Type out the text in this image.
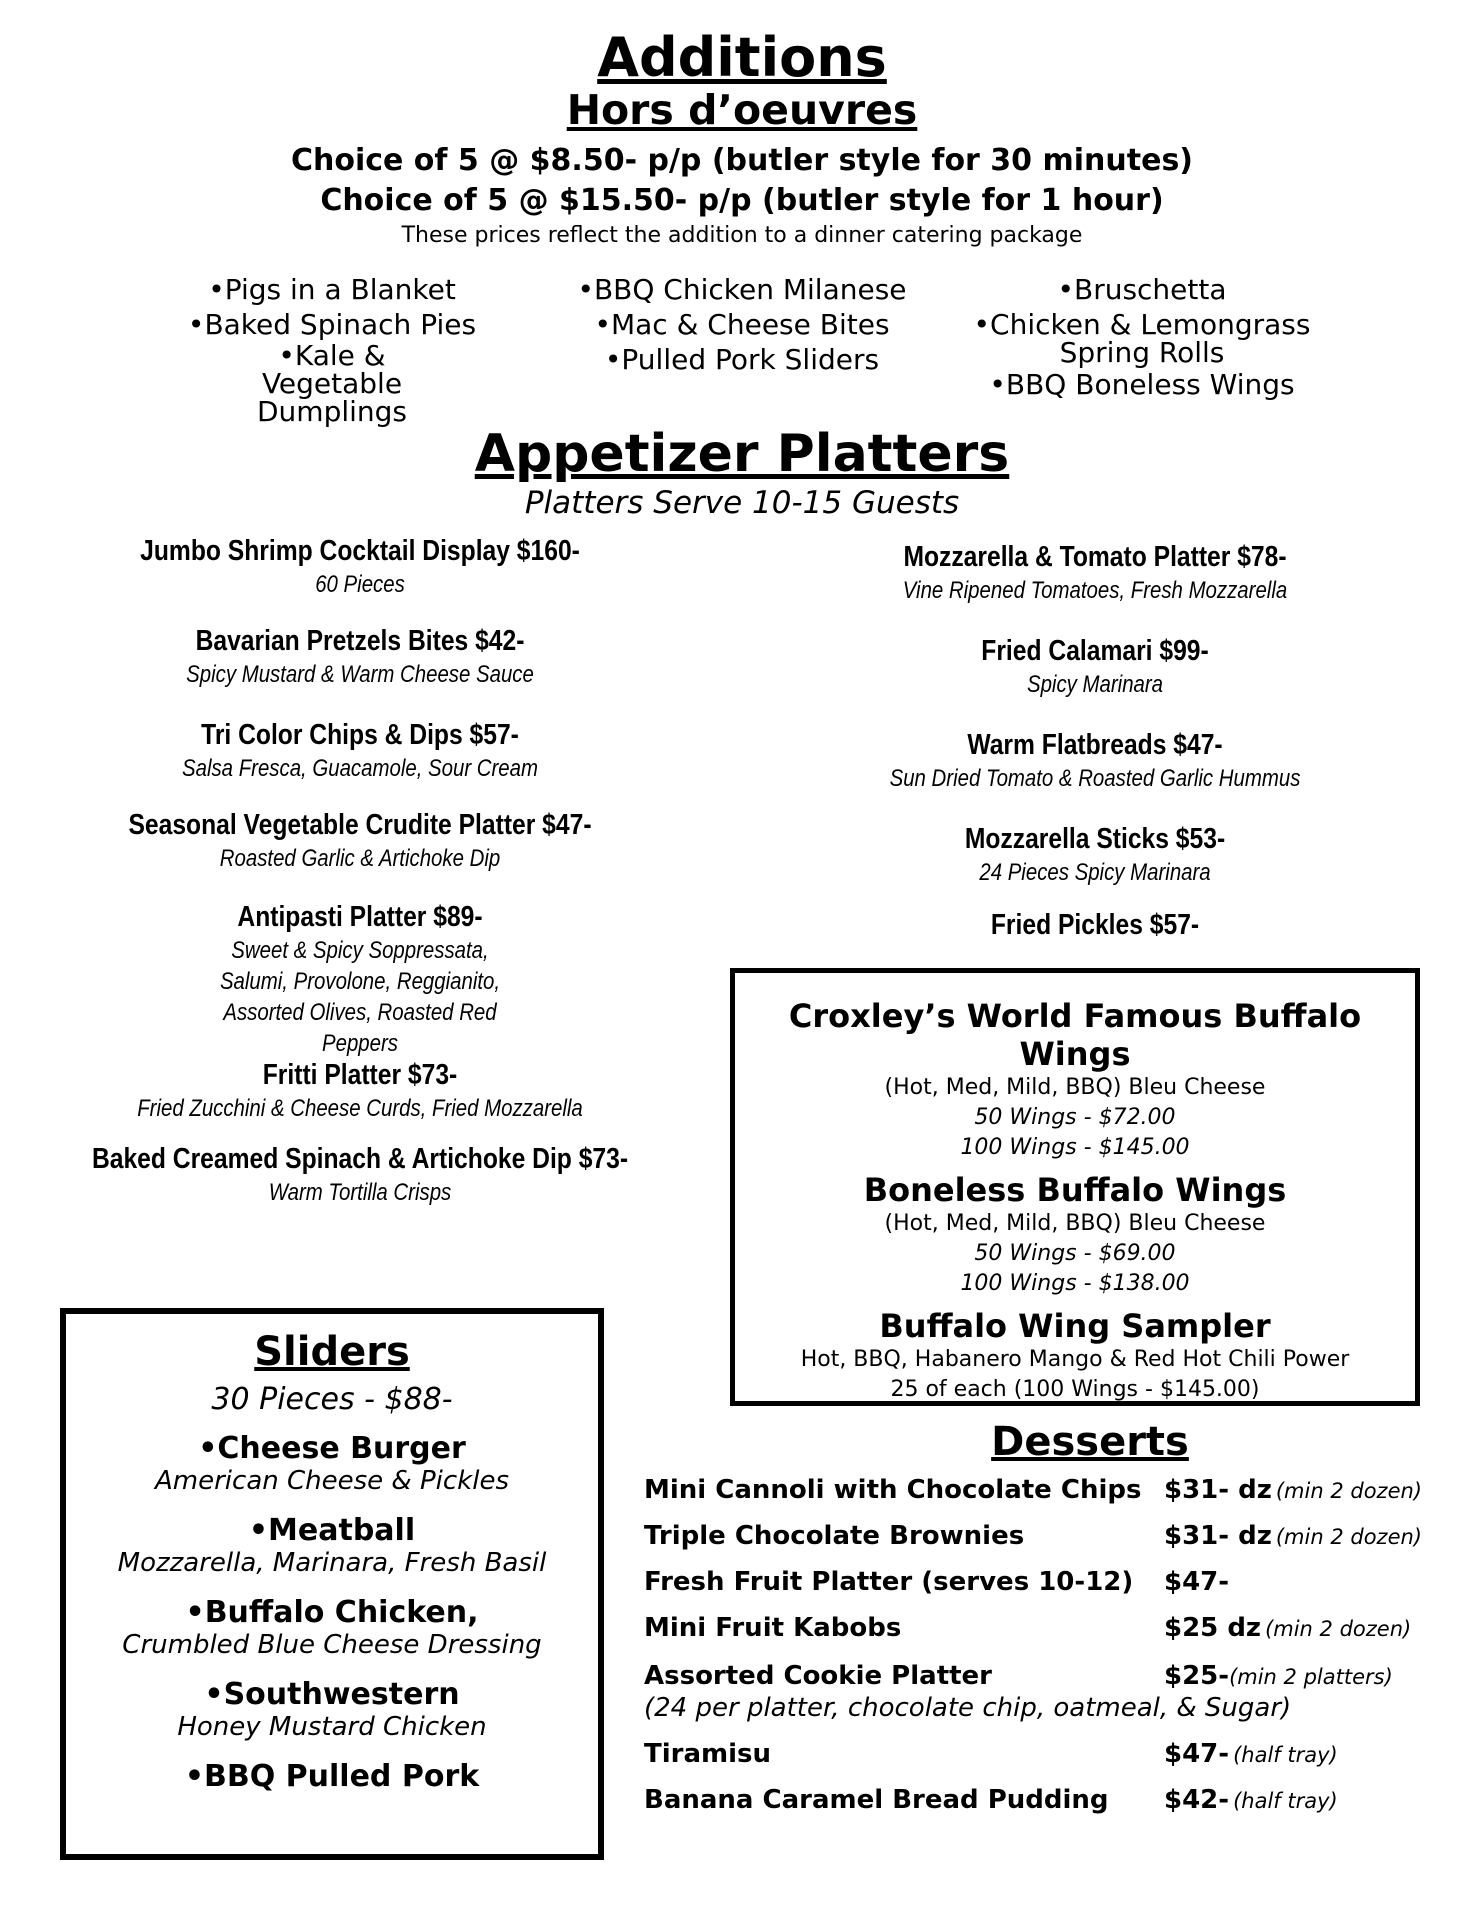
Additions
Hors d’oeuvres
Choice of 5 @ $8.50- p/p (butler style for 30 minutes)
Choice of 5 @ $15.50- p/p (butler style for 1 hour)
These prices reflect the addition to a dinner catering package
•Pigs in a Blanket
•Baked Spinach Pies
•Kale & Vegetable Dumplings
•BBQ Chicken Milanese
•Mac & Cheese Bites
•Pulled Pork Sliders
•Bruschetta
•Chicken & Lemongrass Spring Rolls
•BBQ Boneless Wings
Appetizer Platters
Platters Serve 10-15 Guests
Jumbo Shrimp Cocktail Display $160-
60 Pieces
Bavarian Pretzels Bites $42-
Spicy Mustard & Warm Cheese Sauce
Tri Color Chips & Dips $57-
Salsa Fresca, Guacamole, Sour Cream
Seasonal Vegetable Crudite Platter $47-
Roasted Garlic & Artichoke Dip
Antipasti Platter $89-
Sweet & Spicy Soppressata, Salumi, Provolone, Reggianito, Assorted Olives, Roasted Red Peppers
Fritti Platter $73-
Fried Zucchini & Cheese Curds, Fried Mozzarella
Baked Creamed Spinach & Artichoke Dip $73-
Warm Tortilla Crisps
Mozzarella & Tomato Platter $78-
Vine Ripened Tomatoes, Fresh Mozzarella
Fried Calamari $99-
Spicy Marinara
Warm Flatbreads $47-
Sun Dried Tomato & Roasted Garlic Hummus
Mozzarella Sticks $53-
24 Pieces Spicy Marinara
Fried Pickles $57-
Croxley’s World Famous Buffalo Wings
(Hot, Med, Mild, BBQ) Bleu Cheese
50 Wings - $72.00
100 Wings - $145.00
Boneless Buffalo Wings
(Hot, Med, Mild, BBQ) Bleu Cheese
50 Wings - $69.00
100 Wings - $138.00
Buffalo Wing Sampler
Hot, BBQ, Habanero Mango & Red Hot Chili Power
25 of each (100 Wings - $145.00)
Sliders
30 Pieces - $88-
•Cheese Burger
American Cheese & Pickles
•Meatball
Mozzarella, Marinara, Fresh Basil
•Buffalo Chicken,
Crumbled Blue Cheese Dressing
•Southwestern
Honey Mustard Chicken
•BBQ Pulled Pork
Desserts
Mini Cannoli with Chocolate Chips $31- dz (min 2 dozen)
Triple Chocolate Brownies	$31- dz (min 2 dozen)
Fresh Fruit Platter (serves 10-12) $47-
Mini Fruit Kabobs	$25 dz (min 2 dozen)
Assorted Cookie Platter	$25-(min 2 platters)
(24 per platter, chocolate chip, oatmeal, & Sugar)
Tiramisu	$47- (half tray)
Banana Caramel Bread Pudding $42- (half tray)
